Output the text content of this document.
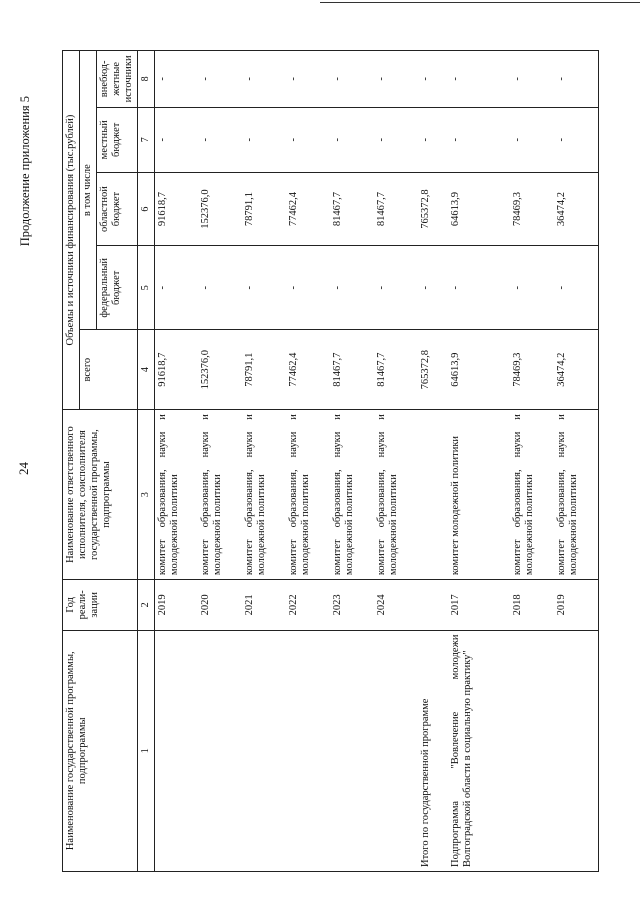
24
Продолжение приложения 5
Наименование государственной программы, подпрограммы	Год реали-зации	Наименование ответственного исполнителя, соисполнителя государственной программы, подпрограммы	Объемы и источники финансирования (тыс.рублей)				
			всего	в том числе			
				федеральный бюджет	областной бюджет	местный бюджет	внебюд-жетные источники
1	2	3	4	5	6	7	8
	2019	комитет образования, науки и молодежной политики	91618,7	-	91618,7	-	-
	2020	комитет образования, науки и молодежной политики	152376,0	-	152376,0	-	-
	2021	комитет образования, науки и молодежной политики	78791,1	-	78791,1	-	-
	2022	комитет образования, науки и молодежной политики	77462,4	-	77462,4	-	-
	2023	комитет образования, науки и молодежной политики	81467,7	-	81467,7	-	-
	2024	комитет образования, науки и молодежной политики	81467,7	-	81467,7	-	-
Итого по государственной программе			765372,8	-	765372,8	-	-
Подпрограмма "Вовлечение молодежи Волгоградской области в социальную практику"	2017	комитет молодежной политики	64613,9	-	64613,9	-	-
	2018	комитет образования, науки и молодежной политики	78469,3	-	78469,3	-	-
	2019	комитет образования, науки и молодежной политики	36474,2	-	36474,2	-	-
